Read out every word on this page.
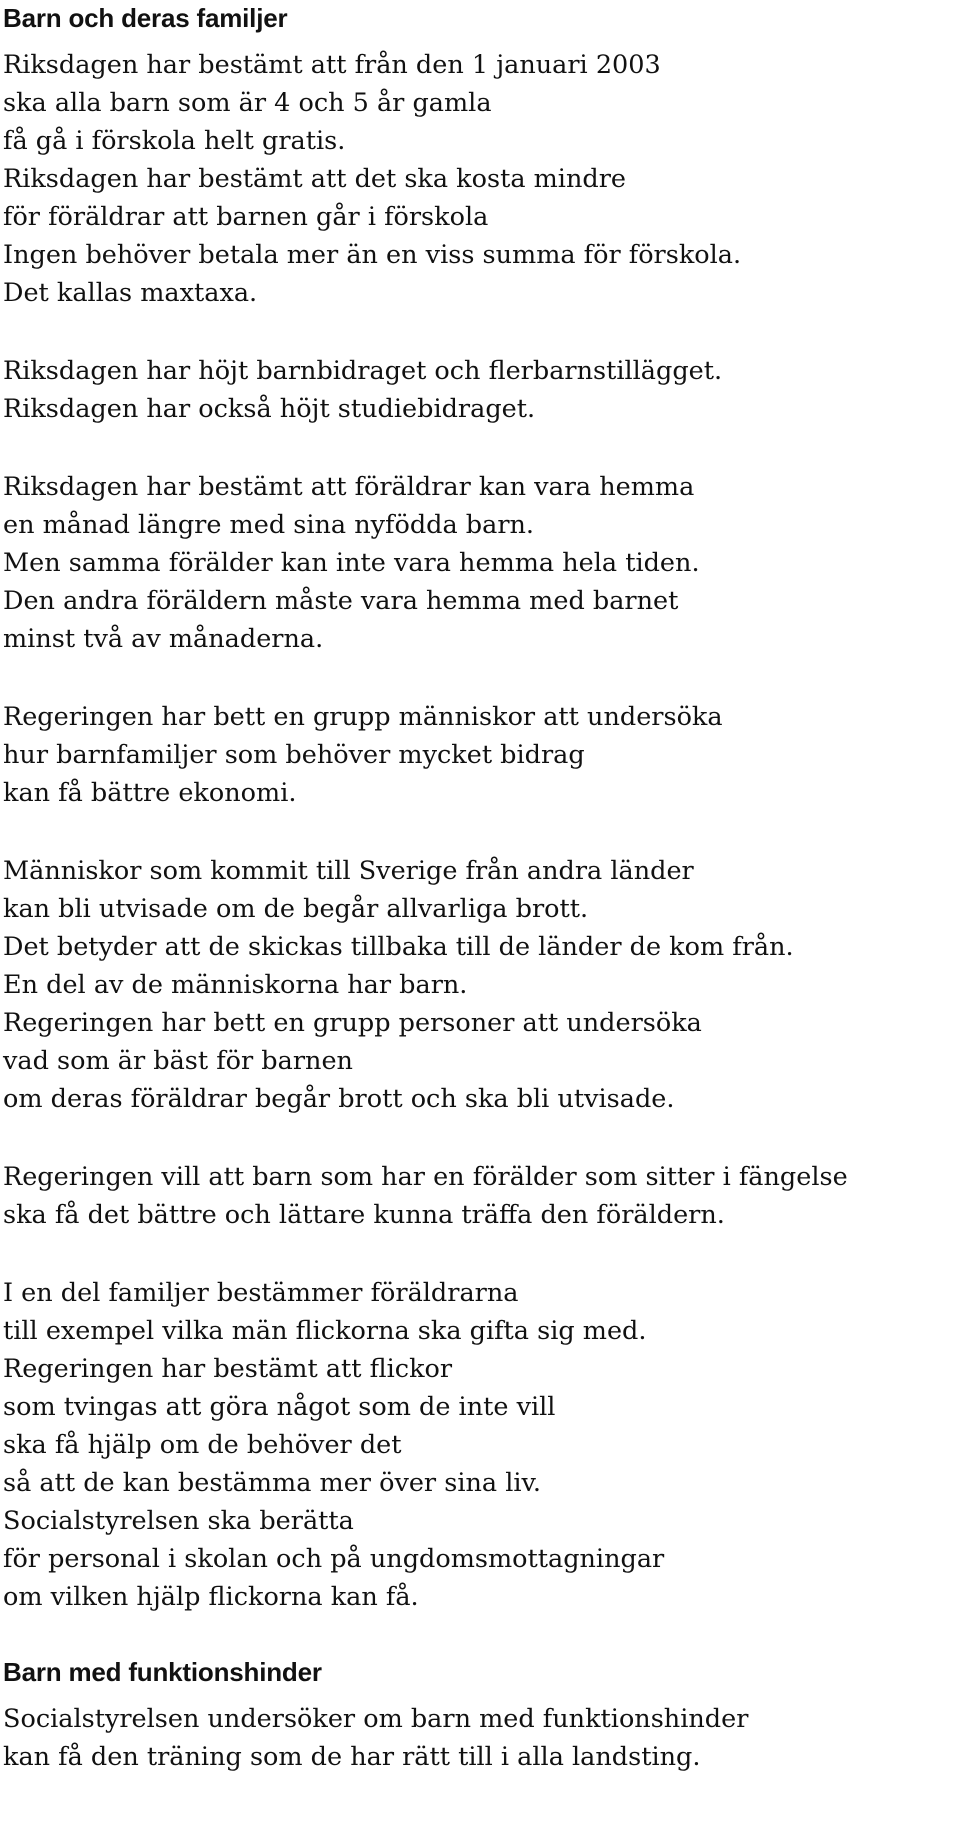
Barn och deras familjer

Riksdagen har bestämt att från den 1 januari 2003
ska alla barn som är 4 och 5 år gamla
få gå i förskola helt gratis.
Riksdagen har bestämt att det ska kosta mindre
för föräldrar att barnen går i förskola
Ingen behöver betala mer än en viss summa för förskola.
Det kallas maxtaxa.

Riksdagen har höjt barnbidraget och flerbarnstillägget.
Riksdagen har också höjt studiebidraget.

Riksdagen har bestämt att föräldrar kan vara hemma
en månad längre med sina nyfödda barn.
Men samma förälder kan inte vara hemma hela tiden.
Den andra föräldern måste vara hemma med barnet
minst två av månaderna.

Regeringen har bett en grupp människor att undersöka
hur barnfamiljer som behöver mycket bidrag
kan få bättre ekonomi.

Människor som kommit till Sverige från andra länder
kan bli utvisade om de begår allvarliga brott.
Det betyder att de skickas tillbaka till de länder de kom från.
En del av de människorna har barn.
Regeringen har bett en grupp personer att undersöka
vad som är bäst för barnen
om deras föräldrar begår brott och ska bli utvisade.

Regeringen vill att barn som har en förälder som sitter i fängelse
ska få det bättre och lättare kunna träffa den föräldern.

I en del familjer bestämmer föräldrarna
till exempel vilka män flickorna ska gifta sig med.
Regeringen har bestämt att flickor
som tvingas att göra något som de inte vill
ska få hjälp om de behöver det
så att de kan bestämma mer över sina liv.
Socialstyrelsen ska berätta
för personal i skolan och på ungdomsmottagningar
om vilken hjälp flickorna kan få.

Barn med funktionshinder

Socialstyrelsen undersöker om barn med funktionshinder
kan få den träning som de har rätt till i alla landsting.
